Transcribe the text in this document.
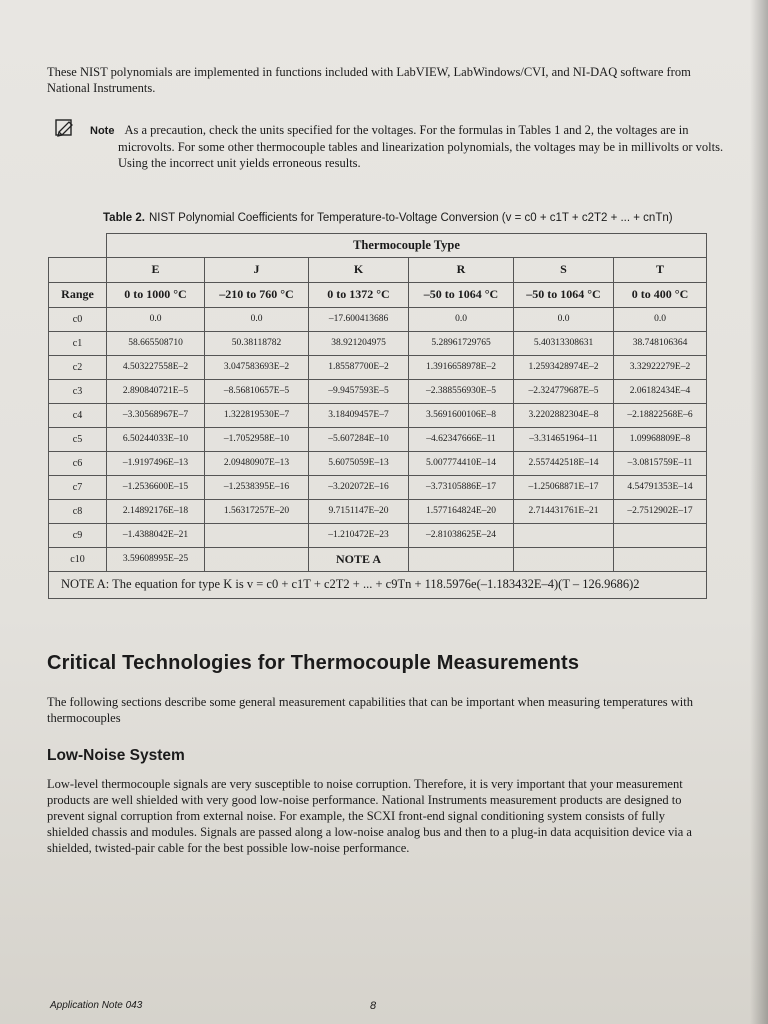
These NIST polynomials are implemented in functions included with LabVIEW, LabWindows/CVI, and NI-DAQ software from National Instruments.
Note As a precaution, check the units specified for the voltages. For the formulas in Tables 1 and 2, the voltages are in microvolts. For some other thermocouple tables and linearization polynomials, the voltages may be in millivolts or volts. Using the incorrect unit yields erroneous results.
Table 2. NIST Polynomial Coefficients for Temperature-to-Voltage Conversion (v = c0 + c1T + c2T2 + ... + cnTn)
	Thermocouple Type					
	E	J	K	R	S	T
Range	0 to 1000 °C	–210 to 760 °C	0 to 1372 °C	–50 to 1064 °C	–50 to 1064 °C	0 to 400 °C
c0	0.0	0.0	–17.600413686	0.0	0.0	0.0
c1	58.665508710	50.38118782	38.921204975	5.28961729765	5.40313308631	38.748106364
c2	4.503227558E–2	3.047583693E–2	1.85587700E–2	1.3916658978E–2	1.2593428974E–2	3.32922279E–2
c3	2.890840721E–5	–8.56810657E–5	–9.9457593E–5	–2.388556930E–5	–2.324779687E–5	2.06182434E–4
c4	–3.30568967E–7	1.322819530E–7	3.18409457E–7	3.5691600106E–8	3.2202882304E–8	–2.18822568E–6
c5	6.50244033E–10	–1.7052958E–10	–5.607284E–10	–4.62347666E–11	–3.314651964–11	1.09968809E–8
c6	–1.9197496E–13	2.09480907E–13	5.6075059E–13	5.007774410E–14	2.557442518E–14	–3.0815759E–11
c7	–1.2536600E–15	–1.2538395E–16	–3.202072E–16	–3.73105886E–17	–1.25068871E–17	4.54791353E–14
c8	2.14892176E–18	1.56317257E–20	9.7151147E–20	1.577164824E–20	2.714431761E–21	–2.7512902E–17
c9	–1.4388042E–21		–1.210472E–23	–2.81038625E–24		
c10	3.59608995E–25		NOTE A			
NOTE A: The equation for type K is v = c0 + c1T + c2T2 + ... + c9Tn + 118.5976e(–1.183432E–4)(T – 126.9686)2						
Critical Technologies for Thermocouple Measurements
The following sections describe some general measurement capabilities that can be important when measuring temperatures with thermocouples
Low-Noise System
Low-level thermocouple signals are very susceptible to noise corruption. Therefore, it is very important that your measurement products are well shielded with very good low-noise performance. National Instruments measurement products are designed to prevent signal corruption from external noise. For example, the SCXI front-end signal conditioning system consists of fully shielded chassis and modules. Signals are passed along a low-noise analog bus and then to a plug-in data acquisition device via a shielded, twisted-pair cable for the best possible low-noise performance.
Application Note 043	8
